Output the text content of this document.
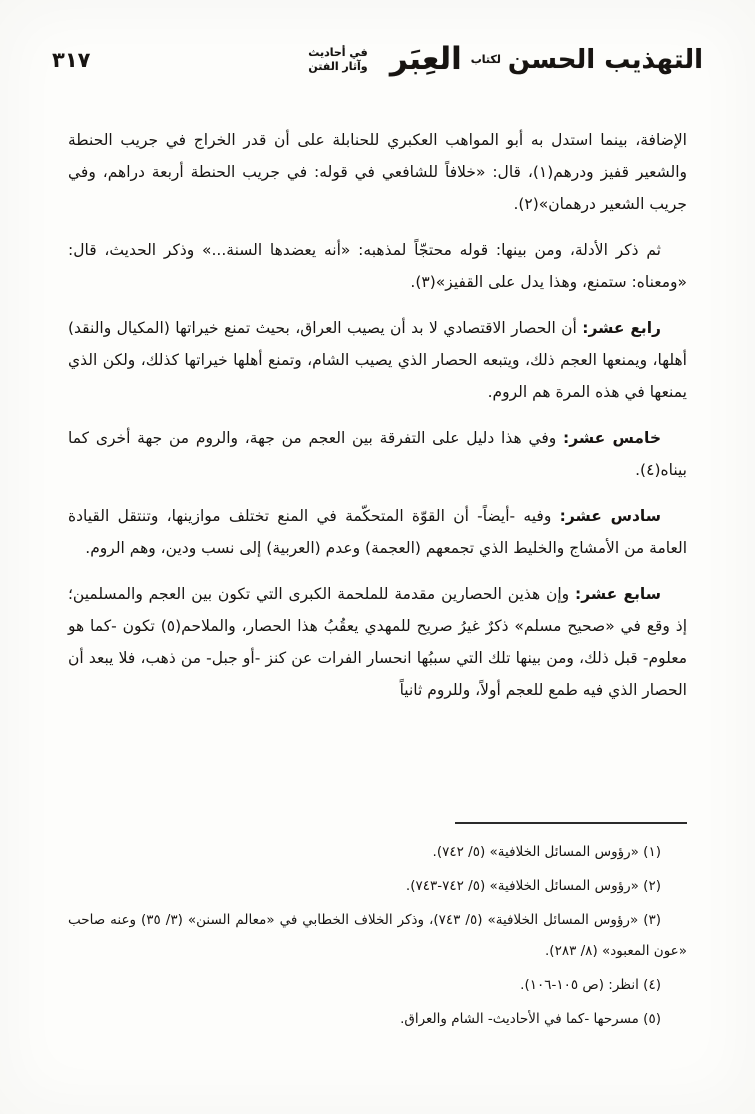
التهذيب الحسن
لكتاب
العِبَر
في أحاديث وآثار الفتن
٣١٧

الإضافة، بينما استدل به أبو المواهب العكبري للحنابلة على أن قدر الخراج في جريب الحنطة والشعير قفيز ودرهم(١)، قال: «خلافاً للشافعي في قوله: في جريب الحنطة أربعة دراهم، وفي جريب الشعير درهمان»(٢).

ثم ذكر الأدلة، ومن بينها: قوله محتجّاً لمذهبه: «أنه يعضدها السنة...» وذكر الحديث، قال: «ومعناه: ستمنع، وهذا يدل على القفيز»(٣).

رابع عشر: أن الحصار الاقتصادي لا بد أن يصيب العراق، بحيث تمنع خيراتها (المكيال والنقد) أهلها، ويمنعها العجم ذلك، ويتبعه الحصار الذي يصيب الشام، وتمنع أهلها خيراتها كذلك، ولكن الذي يمنعها في هذه المرة هم الروم.

خامس عشر: وفي هذا دليل على التفرقة بين العجم من جهة، والروم من جهة أخرى كما بيناه(٤).

سادس عشر: وفيه -أيضاً- أن القوّة المتحكّمة في المنع تختلف موازينها، وتنتقل القيادة العامة من الأمشاج والخليط الذي تجمعهم (العجمة) وعدم (العربية) إلى نسب ودين، وهم الروم.

سابع عشر: وإن هذين الحصارين مقدمة للملحمة الكبرى التي تكون بين العجم والمسلمين؛ إذ وقع في «صحيح مسلم» ذكرٌ غيرُ صريح للمهدي يعقُبُ هذا الحصار، والملاحم(٥) تكون -كما هو معلوم- قبل ذلك، ومن بينها تلك التي سببُها انحسار الفرات عن كنز -أو جبل- من ذهب، فلا يبعد أن الحصار الذي فيه طمع للعجم أولاً، وللروم ثانياً

(١) «رؤوس المسائل الخلافية» (٥/ ٧٤٢).

(٢) «رؤوس المسائل الخلافية» (٥/ ٧٤٢-٧٤٣).

(٣) «رؤوس المسائل الخلافية» (٥/ ٧٤٣)، وذكر الخلاف الخطابي في «معالم السنن» (٣/ ٣٥) وعنه صاحب «عون المعبود» (٨/ ٢٨٣).

(٤) انظر: (ص ١٠٥-١٠٦).

(٥) مسرحها -كما في الأحاديث- الشام والعراق.
